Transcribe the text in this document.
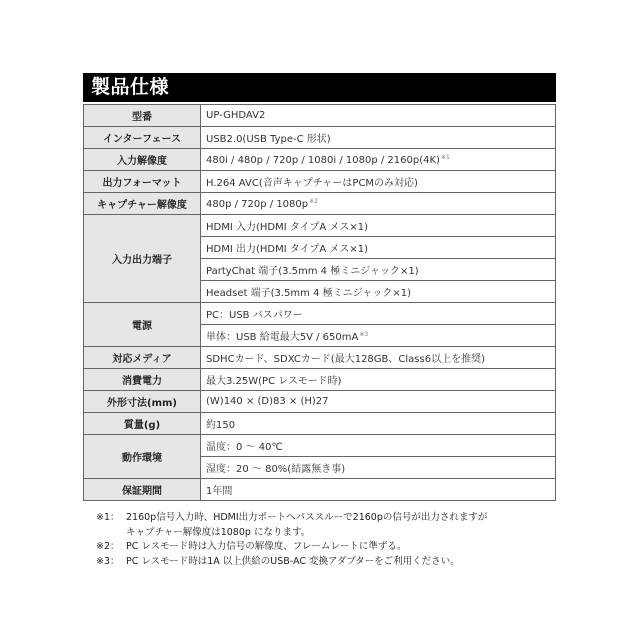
製品仕様
型番	UP-GHDAV2
インターフェース	USB2.0(USB Type-C 形状)
入力解像度	$480i / 480p / 720p / 1080i / 1080p / 2160p(4K)^{※1}$
出力フォーマット	H.264 AVC(音声キャプチャーはPCMのみ対応)
キャプチャー解像度	$480p / 720p / 1080p^{※2}$
入力出力端子	HDMI 入力(HDMI タイプA メス×1)
	HDMI 出力(HDMI タイプA メス×1)
	PartyChat 端子(3.5mm 4 極ミニジャック×1)
	Headset 端子(3.5mm 4 極ミニジャック×1)
電源	PC：USB バスパワー
	単体：USB 給電最大$5V / 650mA^{※3}$
対応メディア	SDHCカード、SDXCカード(最大128GB、Class6以上を推奨)
消費電力	最大3.25W(PC レスモード時)
外形寸法(mm)	(W)140 × (D)83 × (H)27
質量(g)	約150
動作環境	温度：0 ～ 40℃
	湿度：20 ～ 80%(結露無き事)
保証期間	1年間
※1： 2160p信号入力時、HDMI出力ポートへパススルーで2160pの信号が出力されますが
キャプチャー解像度は1080p になります。
※2： PC レスモード時は入力信号の解像度、フレームレートに準ずる。
※3： PC レスモード時は1A 以上供給のUSB-AC 変換アダプターをご利用ください。
